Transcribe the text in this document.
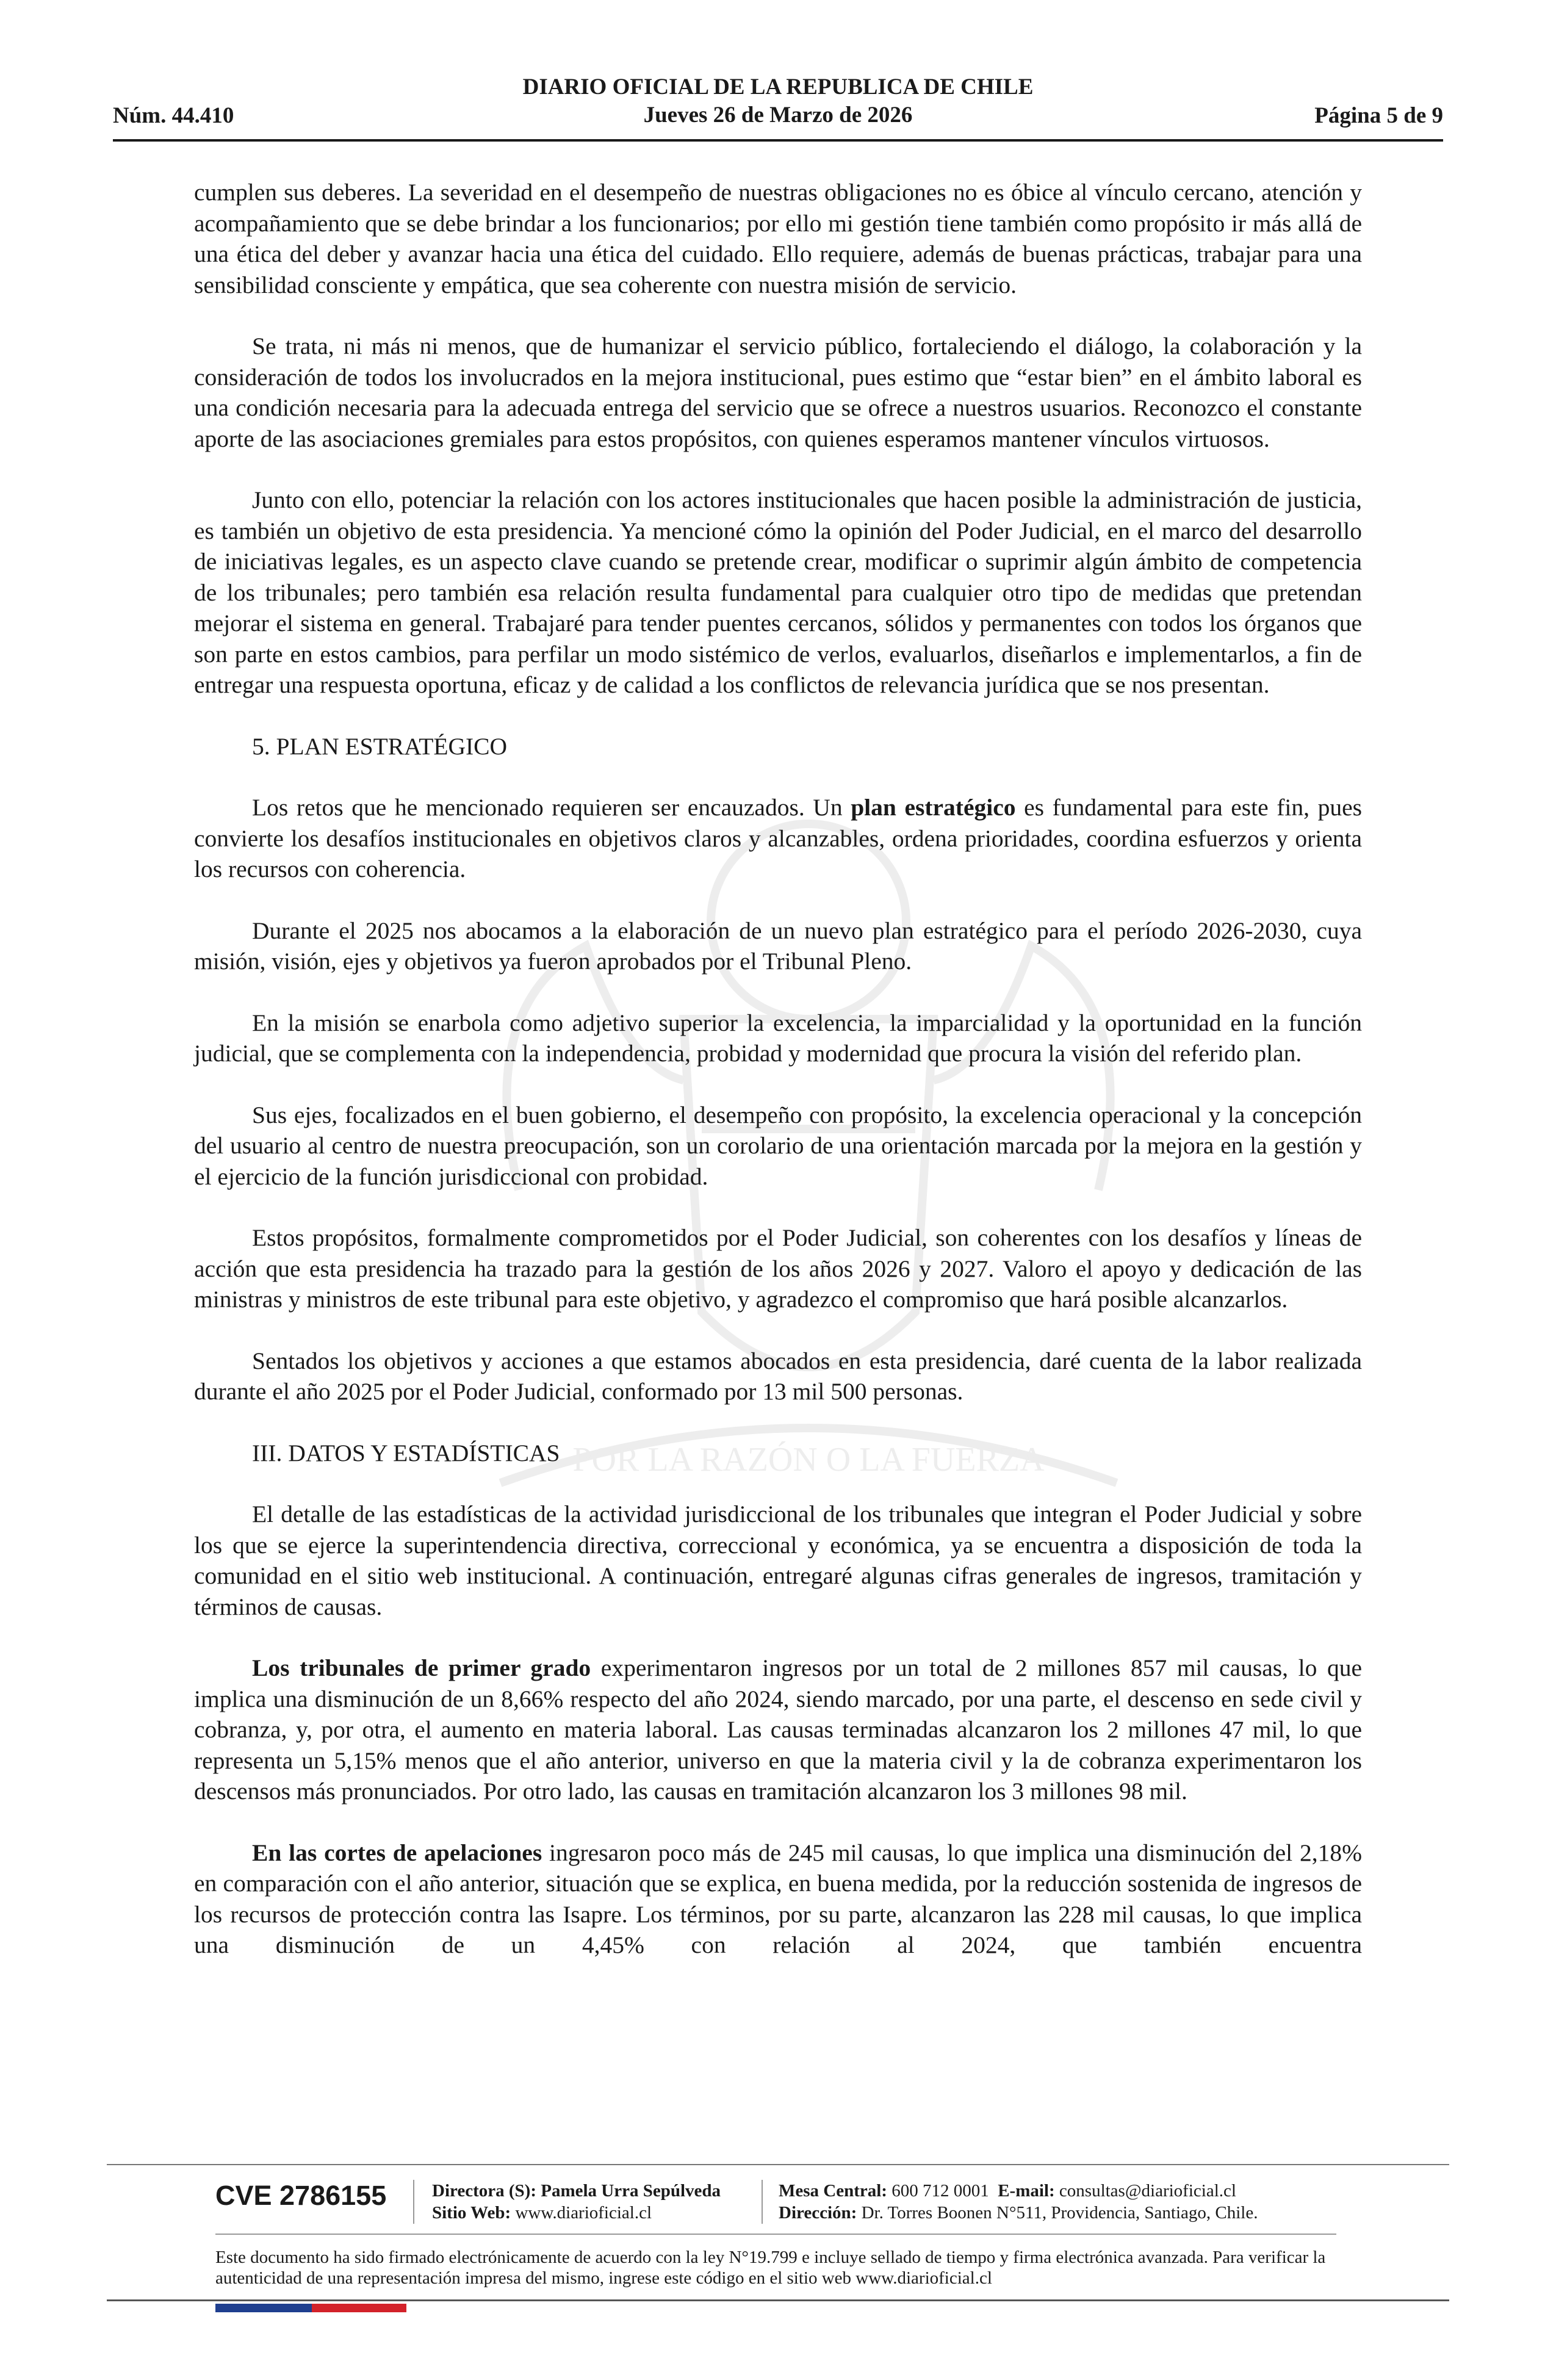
POR LA RAZÓN O LA FUERZA
Núm. 44.410
DIARIO OFICIAL DE LA REPUBLICA DE CHILE
Jueves 26 de Marzo de 2026	Página 5 de 9

cumplen sus deberes. La severidad en el desempeño de nuestras obligaciones no es óbice al vínculo cercano, atención y acompañamiento que se debe brindar a los funcionarios; por ello mi gestión tiene también como propósito ir más allá de una ética del deber y avanzar hacia una ética del cuidado. Ello requiere, además de buenas prácticas, trabajar para una sensibilidad consciente y empática, que sea coherente con nuestra misión de servicio.

Se trata, ni más ni menos, que de humanizar el servicio público, fortaleciendo el diálogo, la colaboración y la consideración de todos los involucrados en la mejora institucional, pues estimo que “estar bien” en el ámbito laboral es una condición necesaria para la adecuada entrega del servicio que se ofrece a nuestros usuarios. Reconozco el constante aporte de las asociaciones gremiales para estos propósitos, con quienes esperamos mantener vínculos virtuosos.

Junto con ello, potenciar la relación con los actores institucionales que hacen posible la administración de justicia, es también un objetivo de esta presidencia. Ya mencioné cómo la opinión del Poder Judicial, en el marco del desarrollo de iniciativas legales, es un aspecto clave cuando se pretende crear, modificar o suprimir algún ámbito de competencia de los tribunales; pero también esa relación resulta fundamental para cualquier otro tipo de medidas que pretendan mejorar el sistema en general. Trabajaré para tender puentes cercanos, sólidos y permanentes con todos los órganos que son parte en estos cambios, para perfilar un modo sistémico de verlos, evaluarlos, diseñarlos e implementarlos, a fin de entregar una respuesta oportuna, eficaz y de calidad a los conflictos de relevancia jurídica que se nos presentan.

5. PLAN ESTRATÉGICO

Los retos que he mencionado requieren ser encauzados. Un plan estratégico es fundamental para este fin, pues convierte los desafíos institucionales en objetivos claros y alcanzables, ordena prioridades, coordina esfuerzos y orienta los recursos con coherencia.

Durante el 2025 nos abocamos a la elaboración de un nuevo plan estratégico para el período 2026-2030, cuya misión, visión, ejes y objetivos ya fueron aprobados por el Tribunal Pleno.

En la misión se enarbola como adjetivo superior la excelencia, la imparcialidad y la oportunidad en la función judicial, que se complementa con la independencia, probidad y modernidad que procura la visión del referido plan.

Sus ejes, focalizados en el buen gobierno, el desempeño con propósito, la excelencia operacional y la concepción del usuario al centro de nuestra preocupación, son un corolario de una orientación marcada por la mejora en la gestión y el ejercicio de la función jurisdiccional con probidad.

Estos propósitos, formalmente comprometidos por el Poder Judicial, son coherentes con los desafíos y líneas de acción que esta presidencia ha trazado para la gestión de los años 2026 y 2027. Valoro el apoyo y dedicación de las ministras y ministros de este tribunal para este objetivo, y agradezco el compromiso que hará posible alcanzarlos.

Sentados los objetivos y acciones a que estamos abocados en esta presidencia, daré cuenta de la labor realizada durante el año 2025 por el Poder Judicial, conformado por 13 mil 500 personas.

III. DATOS Y ESTADÍSTICAS

El detalle de las estadísticas de la actividad jurisdiccional de los tribunales que integran el Poder Judicial y sobre los que se ejerce la superintendencia directiva, correccional y económica, ya se encuentra a disposición de toda la comunidad en el sitio web institucional. A continuación, entregaré algunas cifras generales de ingresos, tramitación y términos de causas.

Los tribunales de primer grado experimentaron ingresos por un total de 2 millones 857 mil causas, lo que implica una disminución de un 8,66% respecto del año 2024, siendo marcado, por una parte, el descenso en sede civil y cobranza, y, por otra, el aumento en materia laboral. Las causas terminadas alcanzaron los 2 millones 47 mil, lo que representa un 5,15% menos que el año anterior, universo en que la materia civil y la de cobranza experimentaron los descensos más pronunciados. Por otro lado, las causas en tramitación alcanzaron los 3 millones 98 mil.

En las cortes de apelaciones ingresaron poco más de 245 mil causas, lo que implica una disminución del 2,18% en comparación con el año anterior, situación que se explica, en buena medida, por la reducción sostenida de ingresos de los recursos de protección contra las Isapre. Los términos, por su parte, alcanzaron las 228 mil causas, lo que implica una disminución de un 4,45% con relación al 2024, que también encuentra

CVE 2786155	Directora (S): Pamela Urra Sepúlveda
Sitio Web: www.diarioficial.cl
Mesa Central: 600 712 0001 E-mail: consultas@diarioficial.cl
Dirección: Dr. Torres Boonen N°511, Providencia, Santiago, Chile.
Este documento ha sido firmado electrónicamente de acuerdo con la ley N°19.799 e incluye sellado de tiempo y firma electrónica avanzada. Para verificar la autenticidad de una representación impresa del mismo, ingrese este código en el sitio web www.diarioficial.cl
